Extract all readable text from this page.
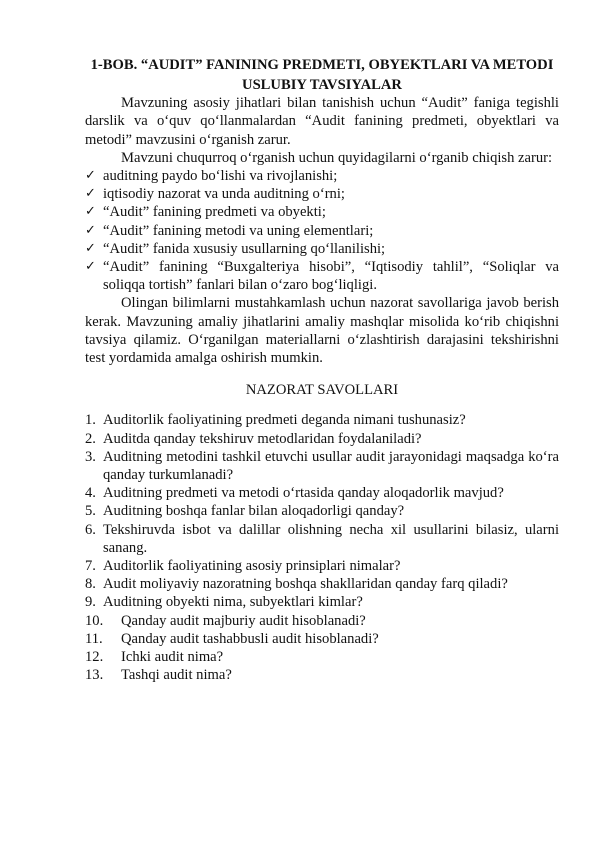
1-BOB. “AUDIT” FANINING PREDMETI, OBYEKTLARI VA METODI

USLUBIY TAVSIYALAR

Mavzuning asosiy jihatlari bilan tanishish uchun “Audit” faniga tegishli darslik va o‘quv qo‘llanmalardan “Audit fanining predmeti, obyektlari va metodi” mavzusini o‘rganish zarur.

Mavzuni chuqurroq o‘rganish uchun quyidagilarni o‘rganib chiqish zarur:

✓ auditning paydo bo‘lishi va rivojlanishi;
✓ iqtisodiy nazorat va unda auditning o‘rni;
✓ “Audit” fanining predmeti va obyekti;
✓ “Audit” fanining metodi va uning elementlari;
✓ “Audit” fanida xususiy usullarning qo‘llanilishi;
✓ “Audit” fanining “Buxgalteriya hisobi”, “Iqtisodiy tahlil”, “Soliqlar va soliqqa tortish” fanlari bilan o‘zaro bog‘liqligi.

Olingan bilimlarni mustahkamlash uchun nazorat savollariga javob berish kerak. Mavzuning amaliy jihatlarini amaliy mashqlar misolida ko‘rib chiqishni tavsiya qilamiz. O‘rganilgan materiallarni o‘zlashtirish darajasini tekshirishni test yordamida amalga oshirish mumkin.

NAZORAT SAVOLLARI

1. Auditorlik faoliyatining predmeti deganda nimani tushunasiz?
2. Auditda qanday tekshiruv metodlaridan foydalaniladi?
3. Auditning metodini tashkil etuvchi usullar audit jarayonidagi maqsadga ko‘ra qanday turkumlanadi?
4. Auditning predmeti va metodi o‘rtasida qanday aloqadorlik mavjud?
5. Auditning boshqa fanlar bilan aloqadorligi qanday?
6. Tekshiruvda isbot va dalillar olishning necha xil usullarini bilasiz, ularni sanang.
7. Auditorlik faoliyatining asosiy prinsiplari nimalar?
8. Audit moliyaviy nazoratning boshqa shakllaridan qanday farq qiladi?
9. Auditning obyekti nima, subyektlari kimlar?
10. Qanday audit majburiy audit hisoblanadi?
11. Qanday audit tashabbusli audit hisoblanadi?
12. Ichki audit nima?
13. Tashqi audit nima?
